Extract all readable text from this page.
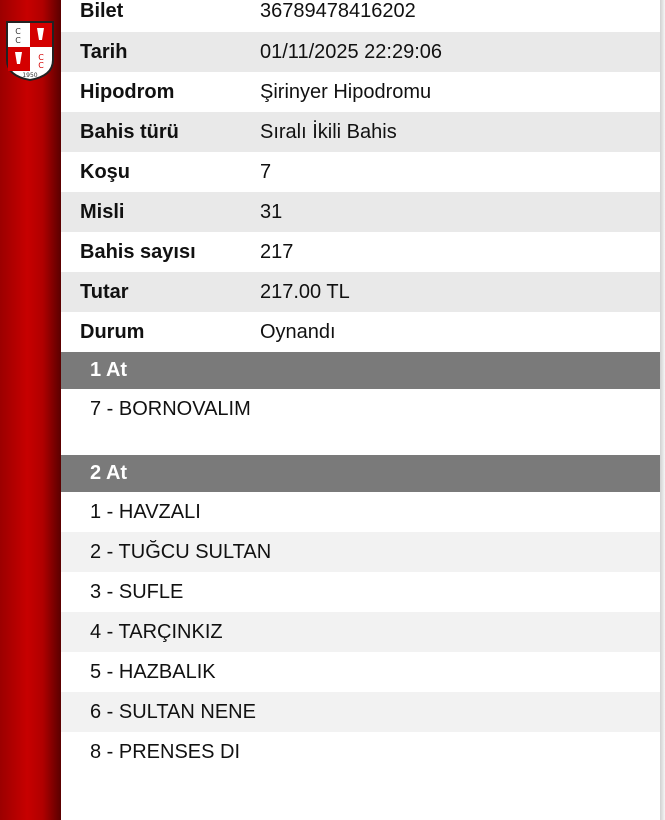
C
C
C
C
1950
Bilet	36789478416202
Tarih	01/11/2025 22:29:06
Hipodrom	Şirinyer Hipodromu
Bahis türü	Sıralı İkili Bahis
Koşu	7
Misli	31
Bahis sayısı	217
Tutar	217.00 TL
Durum	Oynandı
1 At
7 - BORNOVALIM
2 At
1 - HAVZALI
2 - TUĞCU SULTAN
3 - SUFLE
4 - TARÇINKIZ
5 - HAZBALIK
6 - SULTAN NENE
8 - PRENSES DI
